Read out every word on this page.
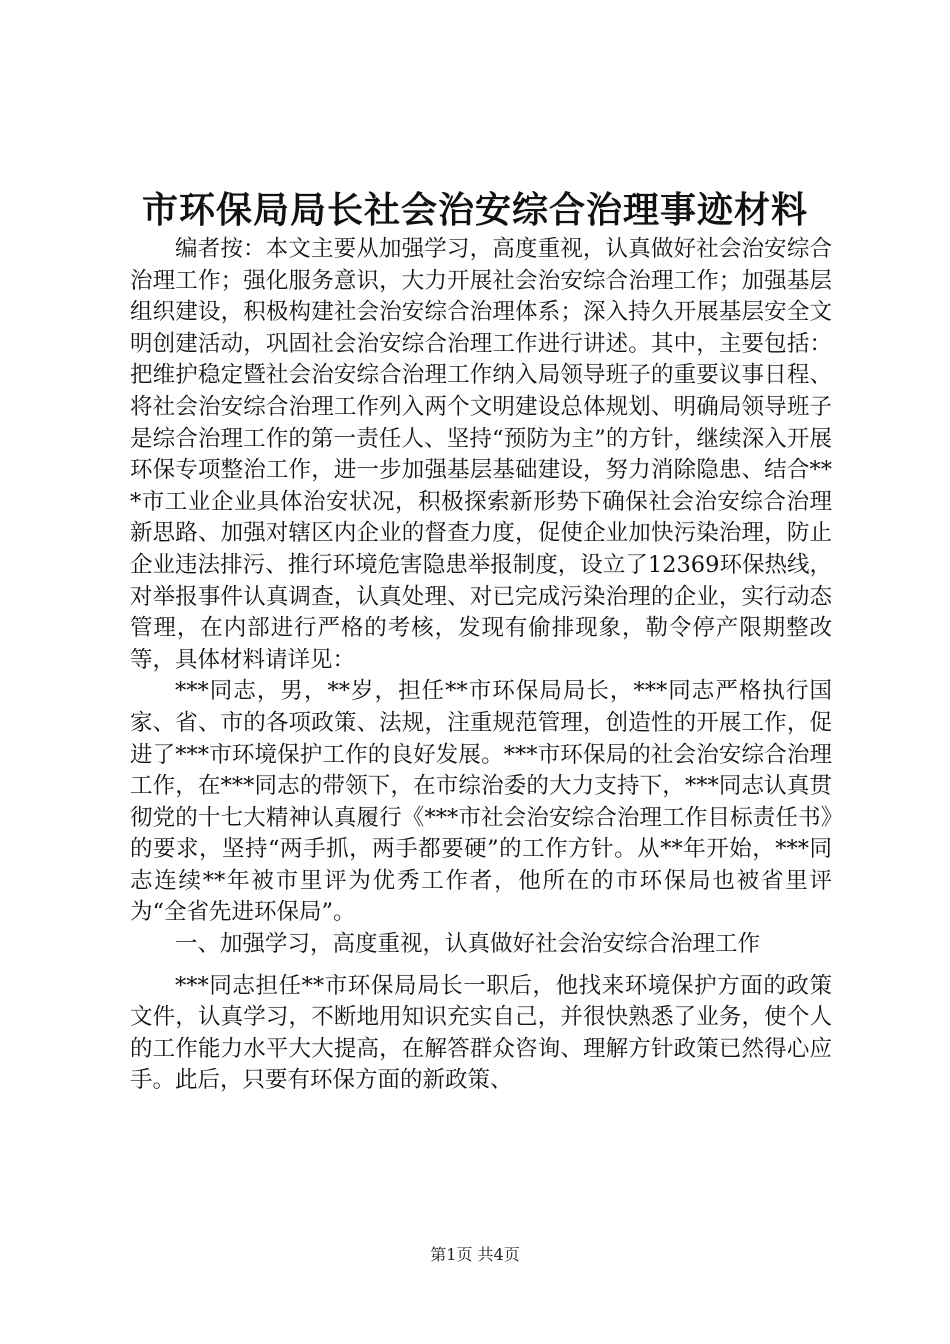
市环保局局长社会治安综合治理事迹材料

编者按：本文主要从加强学习，高度重视，认真做好社会治安综合治理工作；强化服务意识，大力开展社会治安综合治理工作；加强基层组织建设，积极构建社会治安综合治理体系；深入持久开展基层安全文明创建活动，巩固社会治安综合治理工作进行讲述。其中，主要包括：把维护稳定暨社会治安综合治理工作纳入局领导班子的重要议事日程、将社会治安综合治理工作列入两个文明建设总体规划、明确局领导班子是综合治理工作的第一责任人、坚持“预防为主”的方针，继续深入开展环保专项整治工作，进一步加强基层基础建设，努力消除隐患、结合***市工业企业具体治安状况，积极探索新形势下确保社会治安综合治理新思路、加强对辖区内企业的督查力度，促使企业加快污染治理，防止企业违法排污、推行环境危害隐患举报制度，设立了12369环保热线，对举报事件认真调查，认真处理、对已完成污染治理的企业，实行动态管理，在内部进行严格的考核，发现有偷排现象，勒令停产限期整改等，具体材料请详见：

***同志，男，**岁，担任**市环保局局长，***同志严格执行国家、省、市的各项政策、法规，注重规范管理，创造性的开展工作，促进了***市环境保护工作的良好发展。***市环保局的社会治安综合治理工作，在***同志的带领下，在市综治委的大力支持下，***同志认真贯彻党的十七大精神认真履行《***市社会治安综合治理工作目标责任书》的要求，坚持“两手抓，两手都要硬”的工作方针。从**年开始，***同志连续**年被市里评为优秀工作者，他所在的市环保局也被省里评为“全省先进环保局”。

一、加强学习，高度重视，认真做好社会治安综合治理工作

***同志担任**市环保局局长一职后，他找来环境保护方面的政策文件，认真学习，不断地用知识充实自己，并很快熟悉了业务，使个人的工作能力水平大大提高，在解答群众咨询、理解方针政策已然得心应手。此后，只要有环保方面的新政策、

第1页 共4页
